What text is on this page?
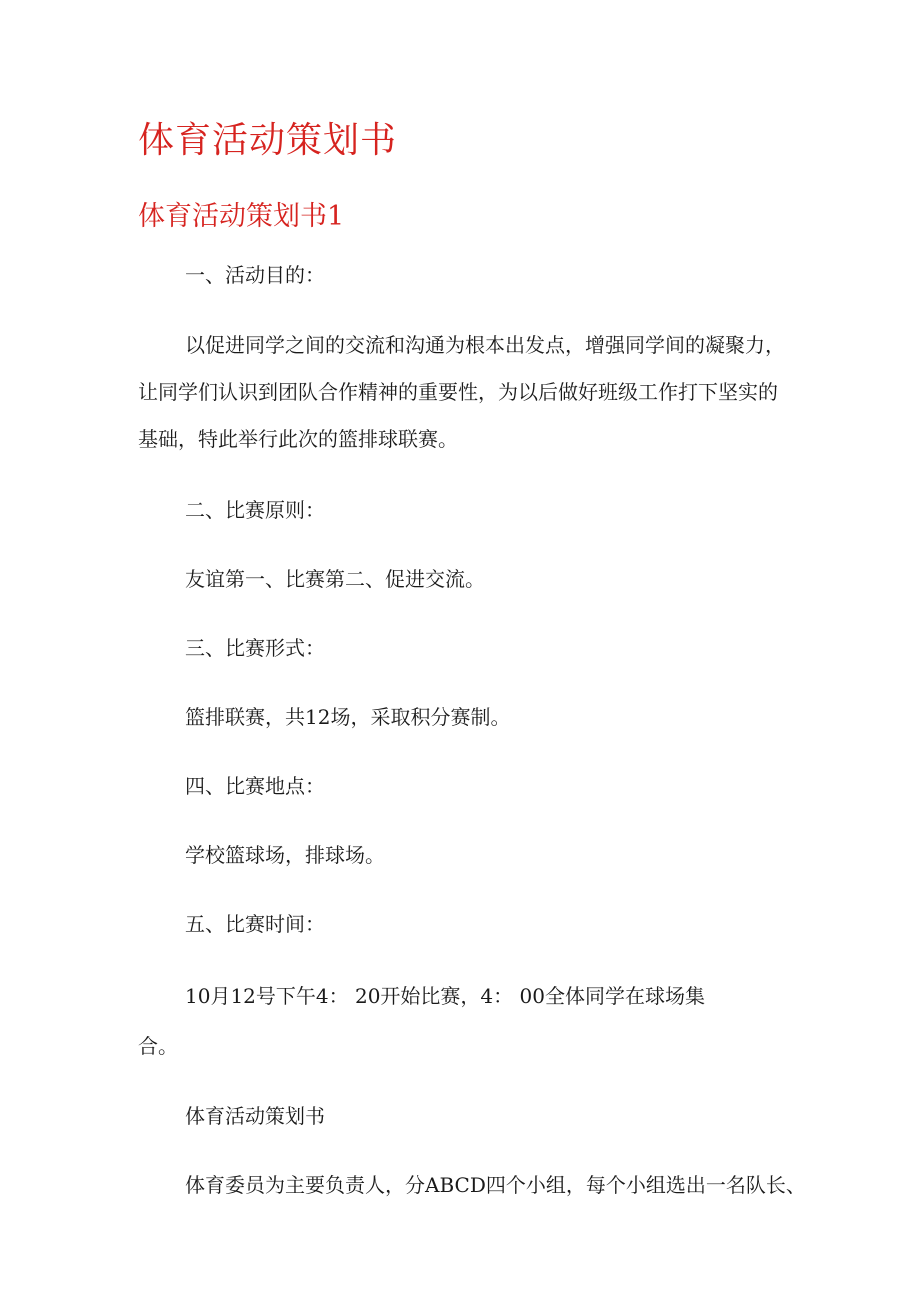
体育活动策划书
体育活动策划书1
一、活动目的：
以促进同学之间的交流和沟通为根本出发点，增强同学间的凝聚力，
让同学们认识到团队合作精神的重要性，为以后做好班级工作打下坚实的
基础，特此举行此次的篮排球联赛。
二、比赛原则：
友谊第一、比赛第二、促进交流。
三、比赛形式：
篮排联赛，共12场，采取积分赛制。
四、比赛地点：
学校篮球场，排球场。
五、比赛时间：
10月12号下午4： 20开始比赛，4： 00全体同学在球场集
合。
体育活动策划书
体育委员为主要负责人，分ABCD四个小组，每个小组选出一名队长、
